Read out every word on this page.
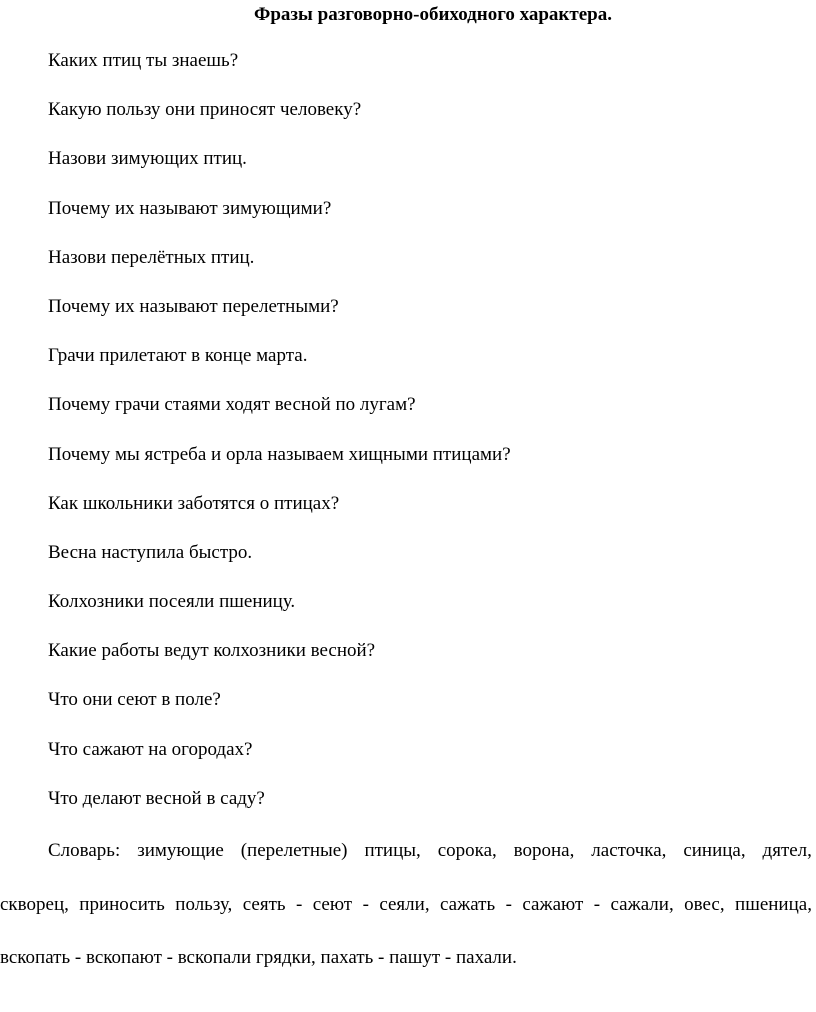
Фразы разговорно-обиходного характера.
Каких птиц ты знаешь?
Какую пользу они приносят человеку?
Назови зимующих птиц.
Почему их называют зимующими?
Назови перелётных птиц.
Почему их называют перелетными?
Грачи прилетают в конце марта.
Почему грачи стаями ходят весной по лугам?
Почему мы ястреба и орла называем хищными птицами?
Как школьники заботятся о птицах?
Весна наступила быстро.
Колхозники посеяли пшеницу.
Какие работы ведут колхозники весной?
Что они сеют в поле?
Что сажают на огородах?
Что делают весной в саду?
Словарь: зимующие (перелетные) птицы, сорока, ворона, ласточка, синица, дятел,
скворец, приносить пользу, сеять - сеют - сеяли, сажать - сажают - сажали, овес, пшеница,
вскопать - вскопают - вскопали грядки, пахать - пашут - пахали.
